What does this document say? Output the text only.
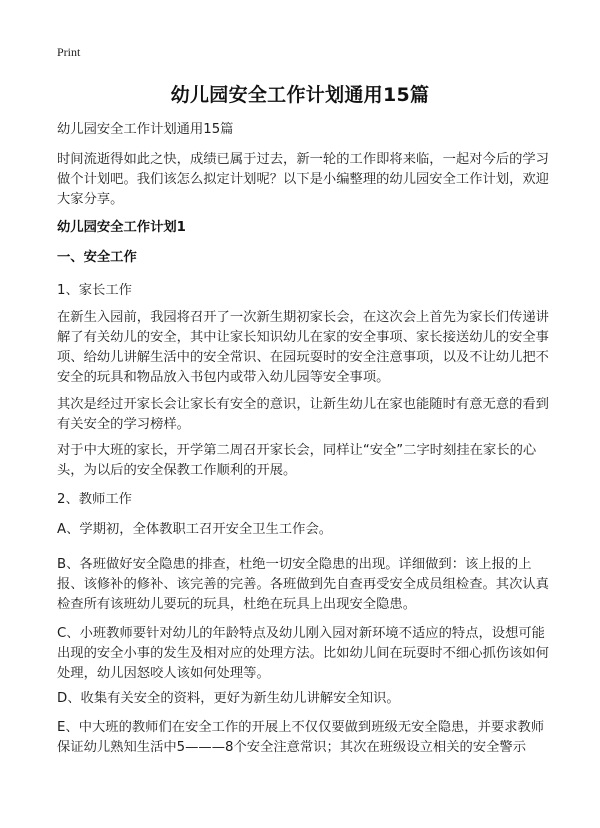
Print
幼儿园安全工作计划通用15篇

幼儿园安全工作计划通用15篇

时间流逝得如此之快，成绩已属于过去，新一轮的工作即将来临，一起对今后的学习做个计划吧。我们该怎么拟定计划呢？以下是小编整理的幼儿园安全工作计划，欢迎大家分享。

幼儿园安全工作计划1

一、安全工作

1、家长工作

在新生入园前，我园将召开了一次新生期初家长会，在这次会上首先为家长们传递讲解了有关幼儿的安全，其中让家长知识幼儿在家的安全事项、家长接送幼儿的安全事项、给幼儿讲解生活中的安全常识、在园玩耍时的安全注意事项，以及不让幼儿把不安全的玩具和物品放入书包内或带入幼儿园等安全事项。

其次是经过开家长会让家长有安全的意识，让新生幼儿在家也能随时有意无意的看到有关安全的学习榜样。

对于中大班的家长，开学第二周召开家长会，同样让“安全”二字时刻挂在家长的心头，为以后的安全保教工作顺利的开展。

2、教师工作

A、学期初，全体教职工召开安全卫生工作会。

B、各班做好安全隐患的排查，杜绝一切安全隐患的出现。详细做到：该上报的上报、该修补的修补、该完善的完善。各班做到先自查再受安全成员组检查。其次认真检查所有该班幼儿要玩的玩具，杜绝在玩具上出现安全隐患。

C、小班教师要针对幼儿的年龄特点及幼儿刚入园对新环境不适应的特点，设想可能出现的安全小事的发生及相对应的处理方法。比如幼儿间在玩耍时不细心抓伤该如何处理，幼儿因怒咬人该如何处理等。

D、收集有关安全的资料，更好为新生幼儿讲解安全知识。

E、中大班的教师们在安全工作的开展上不仅仅要做到班级无安全隐患，并要求教师保证幼儿熟知生活中5———8个安全注意常识；其次在班级设立相关的安全警示
